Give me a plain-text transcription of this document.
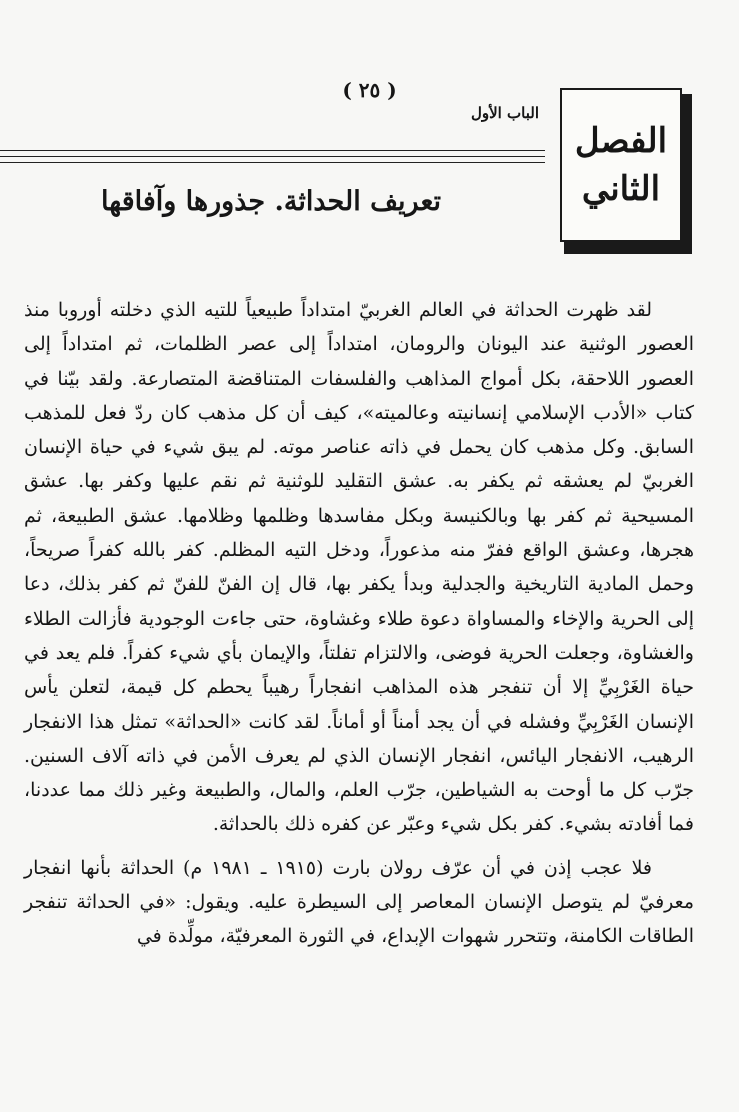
( ٢٥ )
الباب الأول
الفصل
الثاني
تعريف الحداثة. جذورها وآفاقها

لقد ظهرت الحداثة في العالم الغربيّ امتداداً طبيعياً للتيه الذي دخلته أوروبا منذ العصور الوثنية عند اليونان والرومان، امتداداً إلى عصر الظلمات، ثم امتداداً إلى العصور اللاحقة، بكل أمواج المذاهب والفلسفات المتناقضة المتصارعة. ولقد بيّنا في كتاب «الأدب الإسلامي إنسانيته وعالميته»، كيف أن كل مذهب كان ردّ فعل للمذهب السابق. وكل مذهب كان يحمل في ذاته عناصر موته. لم يبق شيء في حياة الإنسان الغربيّ لم يعشقه ثم يكفر به. عشق التقليد للوثنية ثم نقم عليها وكفر بها. عشق المسيحية ثم كفر بها وبالكنيسة وبكل مفاسدها وظلمها وظلامها. عشق الطبيعة، ثم هجرها، وعشق الواقع ففرّ منه مذعوراً، ودخل التيه المظلم. كفر بالله كفراً صريحاً، وحمل المادية التاريخية والجدلية وبدأ يكفر بها، قال إن الفنّ للفنّ ثم كفر بذلك، دعا إلى الحرية والإخاء والمساواة دعوة طلاء وغشاوة، حتى جاءت الوجودية فأزالت الطلاء والغشاوة، وجعلت الحرية فوضى، والالتزام تفلتاً، والإيمان بأي شيء كفراً. فلم يعد في حياة الغَرْبِيِّ إلا أن تنفجر هذه المذاهب انفجاراً رهيباً يحطم كل قيمة، لتعلن يأس الإنسان الغَرْبِيِّ وفشله في أن يجد أمناً أو أماناً. لقد كانت «الحداثة» تمثل هذا الانفجار الرهيب، الانفجار اليائس، انفجار الإنسان الذي لم يعرف الأمن في ذاته آلاف السنين. جرّب كل ما أوحت به الشياطين، جرّب العلم، والمال، والطبيعة وغير ذلك مما عددنا، فما أفادته بشيء. كفر بكل شيء وعبّر عن كفره ذلك بالحداثة.

فلا عجب إذن في أن عرّف رولان بارت (١٩١٥ ـ ١٩٨١ م) الحداثة بأنها انفجار معرفيّ لم يتوصل الإنسان المعاصر إلى السيطرة عليه. ويقول: «في الحداثة تنفجر الطاقات الكامنة، وتتحرر شهوات الإبداع، في الثورة المعرفيّة، مولِّدة في
